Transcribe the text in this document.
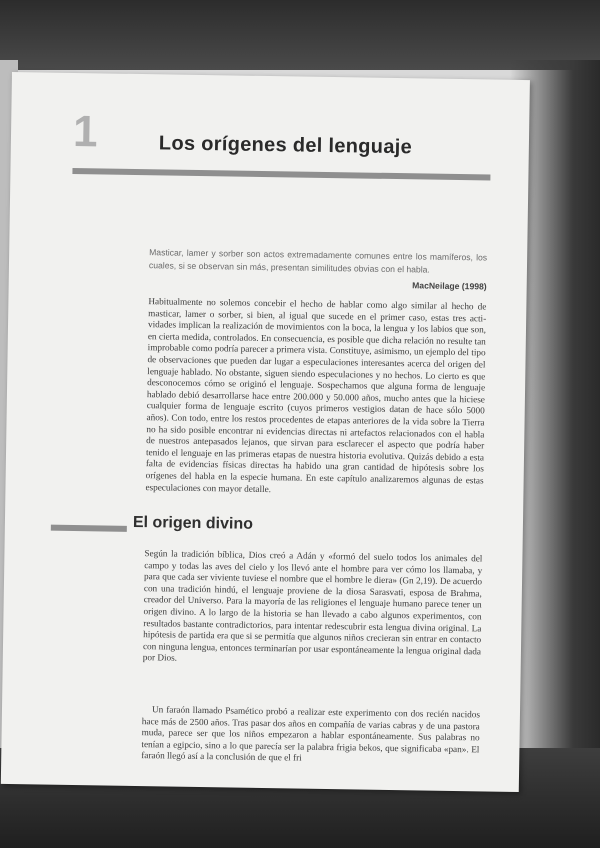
1	Los orígenes del lenguaje
Masticar, lamer y sorber son actos extremadamente comunes entre los mamíferos, los cuales, si se observan sin más, presentan similitudes obvias con el habla.
MacNeilage (1998)

Habitualmente no solemos concebir el hecho de hablar como algo similar al hecho de masticar, lamer o sorber, si bien, al igual que sucede en el primer caso, estas tres actividades implican la realización de movimientos con la boca, la lengua y los labios que son, en cierta medida, controlados. En consecuencia, es posible que dicha relación no resulte tan improbable como podría parecer a primera vista. Constituye, asimismo, un ejemplo del tipo de observaciones que pueden dar lugar a especulaciones interesantes acerca del origen del lenguaje hablado. No obstante, siguen siendo especulaciones y no hechos. Lo cierto es que desconocemos cómo se originó el lenguaje. Sospechamos que alguna forma de lenguaje hablado debió desarrollarse hace entre 200.000 y 50.000 años, mucho antes que la hiciese cualquier forma de lenguaje escrito (cuyos primeros vestigios datan de hace sólo 5000 años). Con todo, entre los restos procedentes de etapas anteriores de la vida sobre la Tierra no ha sido posible encontrar ni evidencias directas ni artefactos relacionados con el habla de nuestros antepasados lejanos, que sirvan para esclarecer el aspecto que podría haber tenido el lenguaje en las primeras etapas de nuestra historia evolutiva. Quizás debido a esta falta de evidencias físicas directas ha habido una gran cantidad de hipótesis sobre los orígenes del habla en la especie humana. En este capítulo analizaremos algunas de estas especulaciones con mayor detalle.

El origen divino

Según la tradición bíblica, Dios creó a Adán y «formó del suelo todos los animales del campo y todas las aves del cielo y los llevó ante el hombre para ver cómo los llamaba, y para que cada ser viviente tuviese el nombre que el hombre le diera» (Gn 2,19). De acuerdo con una tradición hindú, el lenguaje proviene de la diosa Sarasvati, esposa de Brahma, creador del Universo. Para la mayoría de las religiones el lenguaje humano parece tener un origen divino. A lo largo de la historia se han llevado a cabo algunos experimentos, con resultados bastante contradictorios, para intentar redescubrir esta lengua divina original. La hipótesis de partida era que si se permitía que algunos niños crecieran sin entrar en contacto con ninguna lengua, entonces terminarían por usar espontáneamente la lengua original dada por Dios.

Un faraón llamado Psamético probó a realizar este experimento con dos recién nacidos hace más de 2500 años. Tras pasar dos años en compañía de varias cabras y de una pastora muda, parece ser que los niños empezaron a hablar espontáneamente. Sus palabras no tenían a egipcio, sino a lo que parecía ser la palabra frigia bekos, que significaba «pan». El faraón llegó así a la conclusión de que el fri
